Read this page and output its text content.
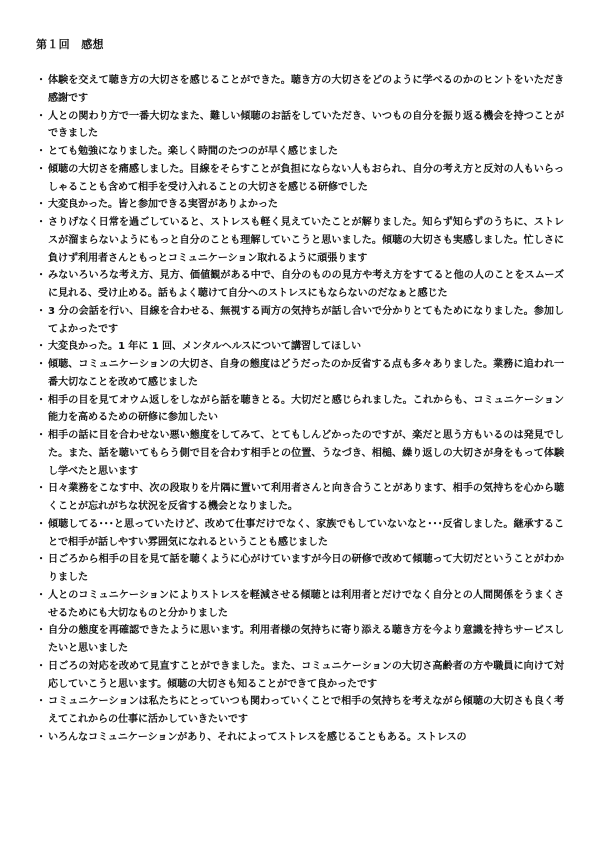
第１回　感想
・ 体験を交えて聴き方の大切さを感じることができた。聴き方の大切さをどのように学べるのかのヒントをいただき感謝です
・ 人との関わり方で一番大切なまた、難しい傾聴のお話をしていただき、いつもの自分を振り返る機会を持つことができました
・ とても勉強になりました。楽しく時間のたつのが早く感じました
・ 傾聴の大切さを痛感しました。目線をそらすことが負担にならない人もおられ、自分の考え方と反対の人もいらっしゃることも含めて相手を受け入れることの大切さを感じる研修でした
・ 大変良かった。皆と参加できる実習がありよかった
・ さりげなく日常を過ごしていると、ストレスも軽く見えていたことが解りました。知らず知らずのうちに、ストレスが溜まらないようにもっと自分のことも理解していこうと思いました。傾聴の大切さも実感しました。忙しさに負けず利用者さんともっとコミュニケーション取れるように頑張ります
・ みないろいろな考え方、見方、価値観がある中で、自分のものの見方や考え方をすてると他の人のことをスムーズに見れる、受け止める。話もよく聴けて自分へのストレスにもならないのだなぁと感じた
・ 3 分の会話を行い、目線を合わせる、無視する両方の気持ちが話し合いで分かりとてもためになりました。参加してよかったです
・ 大変良かった。1 年に 1 回、メンタルヘルスについて講習してほしい
・ 傾聴、コミュニケーションの大切さ、自身の態度はどうだったのか反省する点も多々ありました。業務に追われ一番大切なことを改めて感じました
・ 相手の目を見てオウム返しをしながら話を聴きとる。大切だと感じられました。これからも、コミュニケーション能力を高めるための研修に参加したい
・ 相手の話に目を合わせない悪い態度をしてみて、とてもしんどかったのですが、楽だと思う方もいるのは発見でした。また、話を聴いてもらう側で目を合わす相手との位置、うなづき、相槌、繰り返しの大切さが身をもって体験し学べたと思います
・ 日々業務をこなす中、次の段取りを片隅に置いて利用者さんと向き合うことがあります、相手の気持ちを心から聴くことが忘れがちな状況を反省する機会となりました。
・ 傾聴してる･･･と思っていたけど、改めて仕事だけでなく、家族でもしていないなと･･･反省しました。継承することで相手が話しやすい雰囲気になれるということも感じました
・ 日ごろから相手の目を見て話を聴くように心がけていますが今日の研修で改めて傾聴って大切だということがわかりました
・ 人とのコミュニケーションによりストレスを軽減させる傾聴とは利用者とだけでなく自分との人間関係をうまくさせるためにも大切なものと分かりました
・ 自分の態度を再確認できたように思います。利用者様の気持ちに寄り添える聴き方を今より意識を持ちサービスしたいと思いました
・ 日ごろの対応を改めて見直すことができました。また、コミュニケーションの大切さ高齢者の方や職員に向けて対応していこうと思います。傾聴の大切さも知ることができて良かったです
・ コミュニケーションは私たちにとっていつも関わっていくことで相手の気持ちを考えながら傾聴の大切さも良く考えてこれからの仕事に活かしていきたいです
・ いろんなコミュニケーションがあり、それによってストレスを感じることもある。ストレスの
